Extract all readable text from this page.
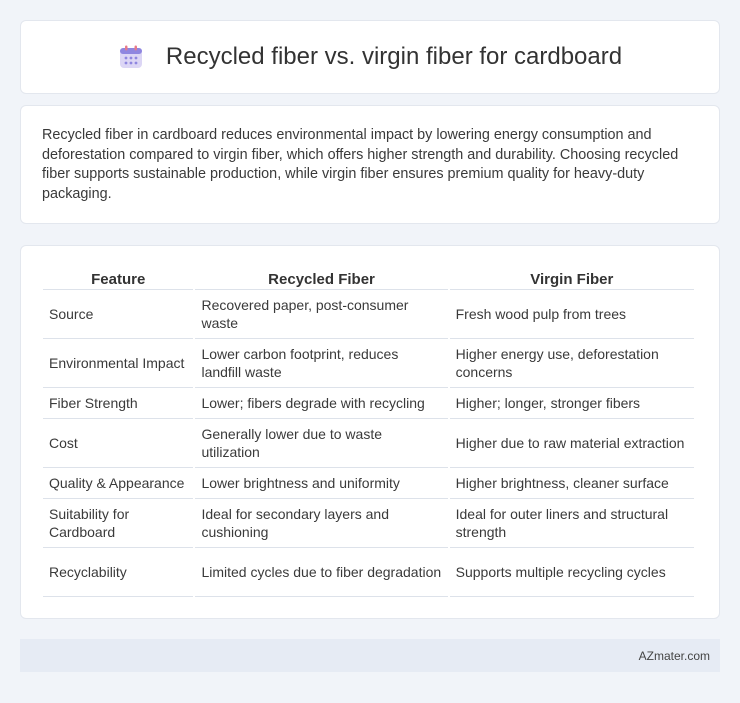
Recycled fiber vs. virgin fiber for cardboard

Recycled fiber in cardboard reduces environmental impact by lowering energy consumption and deforestation compared to virgin fiber, which offers higher strength and durability. Choosing recycled fiber supports sustainable production, while virgin fiber ensures premium quality for heavy-duty packaging.

Feature	Recycled Fiber	Virgin Fiber
Source	Recovered paper, post-consumer waste	Fresh wood pulp from trees
Environmental Impact	Lower carbon footprint, reduces landfill waste	Higher energy use, deforestation concerns
Fiber Strength	Lower; fibers degrade with recycling	Higher; longer, stronger fibers
Cost	Generally lower due to waste utilization	Higher due to raw material extraction
Quality & Appearance	Lower brightness and uniformity	Higher brightness, cleaner surface
Suitability for Cardboard	Ideal for secondary layers and cushioning	Ideal for outer liners and structural strength
Recyclability	Limited cycles due to fiber degradation	Supports multiple recycling cycles
AZmater.com
